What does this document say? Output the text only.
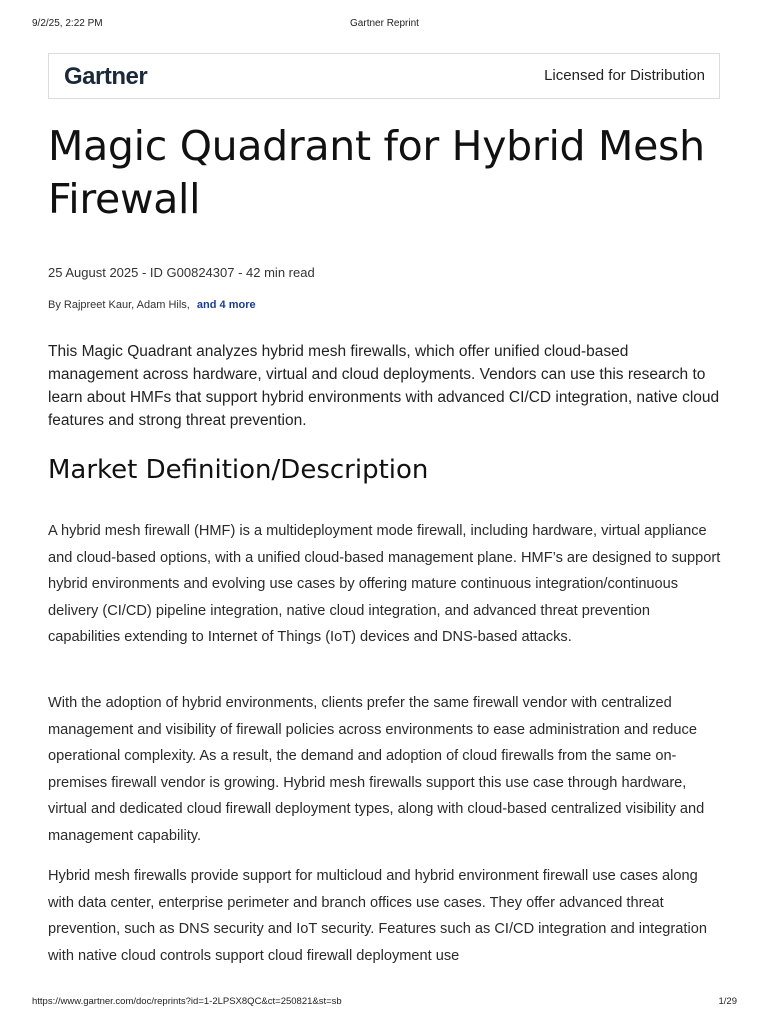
9/2/25, 2:22 PM	Gartner Reprint
Gartner	Licensed for Distribution
Magic Quadrant for Hybrid Mesh Firewall
25 August 2025 - ID G00824307 - 42 min read
By Rajpreet Kaur, Adam Hils, and 4 more

This Magic Quadrant analyzes hybrid mesh firewalls, which offer unified cloud-based management across hardware, virtual and cloud deployments. Vendors can use this research to learn about HMFs that support hybrid environments with advanced CI/CD integration, native cloud features and strong threat prevention.

Market Definition/Description

A hybrid mesh firewall (HMF) is a multideployment mode firewall, including hardware, virtual appliance and cloud-based options, with a unified cloud-based management plane. HMF’s are designed to support hybrid environments and evolving use cases by offering mature continuous integration/continuous delivery (CI/CD) pipeline integration, native cloud integration, and advanced threat prevention capabilities extending to Internet of Things (IoT) devices and DNS-based attacks.

With the adoption of hybrid environments, clients prefer the same firewall vendor with centralized management and visibility of firewall policies across environments to ease administration and reduce operational complexity. As a result, the demand and adoption of cloud firewalls from the same on-premises firewall vendor is growing. Hybrid mesh firewalls support this use case through hardware, virtual and dedicated cloud firewall deployment types, along with cloud-based centralized visibility and management capability.

Hybrid mesh firewalls provide support for multicloud and hybrid environment firewall use cases along with data center, enterprise perimeter and branch offices use cases. They offer advanced threat prevention, such as DNS security and IoT security. Features such as CI/CD integration and integration with native cloud controls support cloud firewall deployment use

https://www.gartner.com/doc/reprints?id=1-2LPSX8QC&ct=250821&st=sb	1/29
